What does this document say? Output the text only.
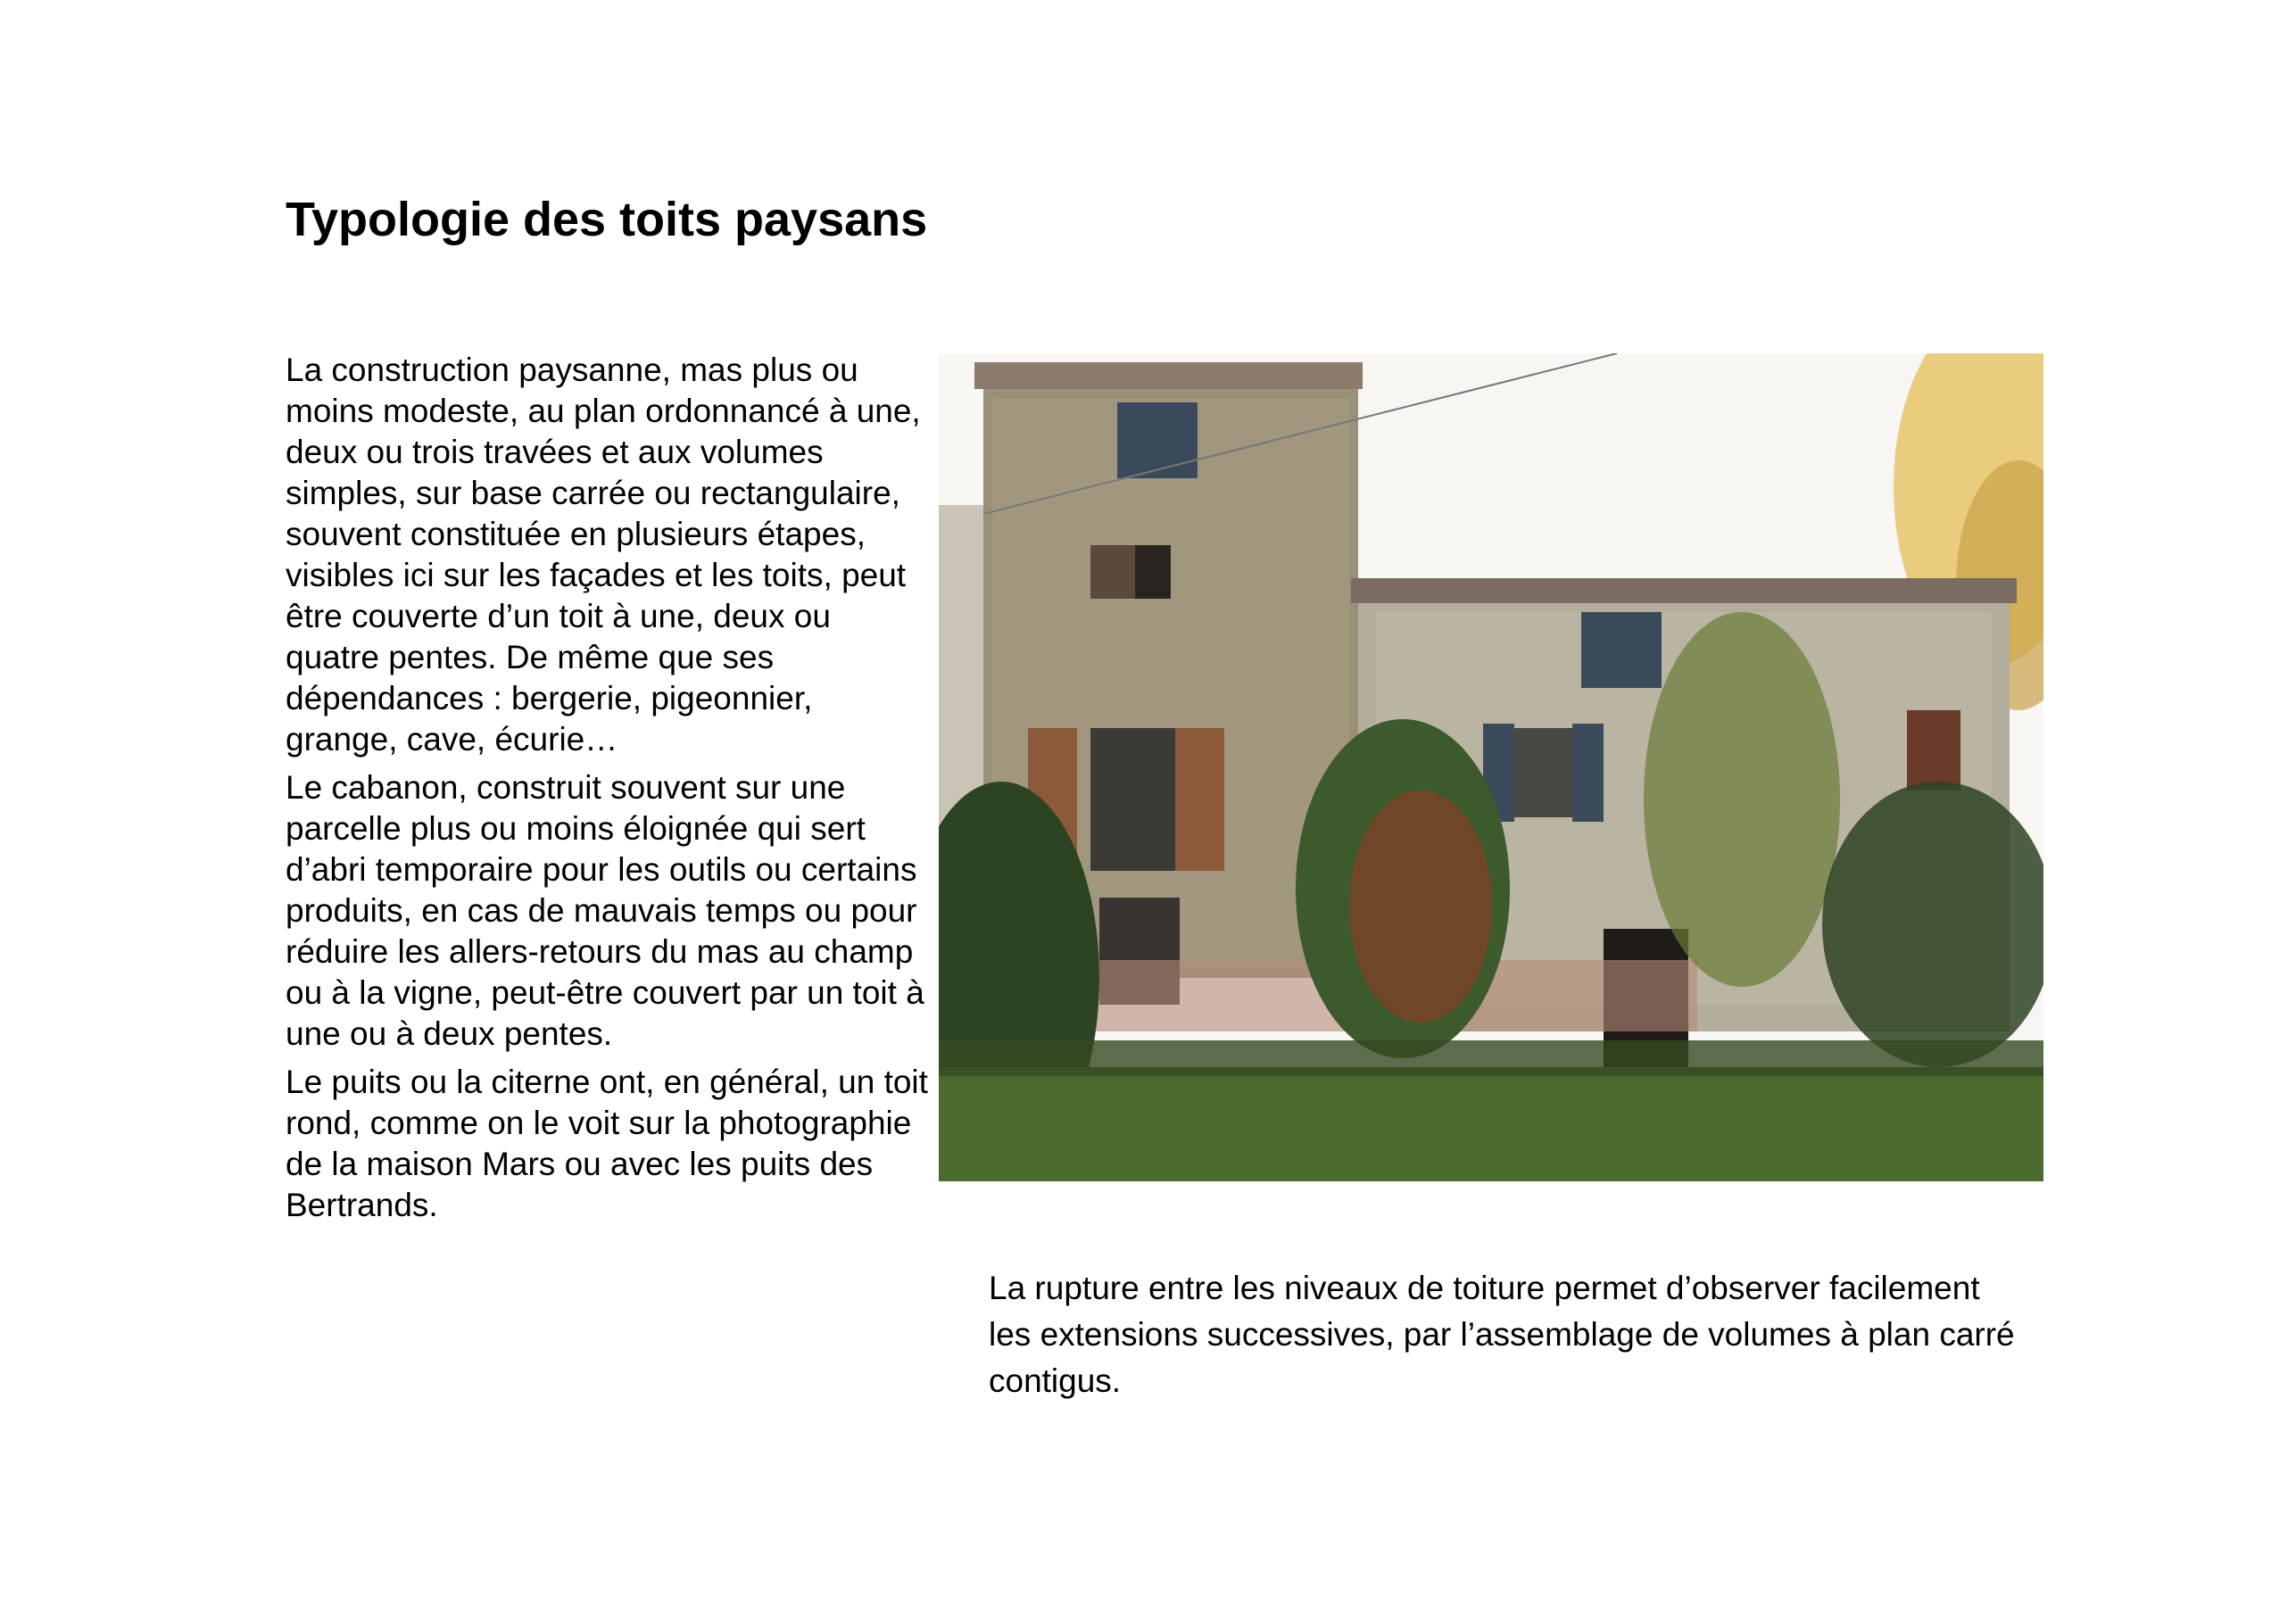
Typologie des toits paysans

La construction paysanne, mas plus ou moins modeste, au plan ordonnancé à une, deux ou trois travées et aux volumes simples, sur base carrée ou rectangulaire, souvent constituée en plusieurs étapes, visibles ici sur les façades et les toits, peut être couverte d’un toit à une, deux ou quatre pentes. De même que ses dépendances : bergerie, pigeonnier, grange, cave, écurie…

Le cabanon, construit souvent sur une parcelle plus ou moins éloignée qui sert d’abri temporaire pour les outils ou certains produits, en cas de mauvais temps ou pour réduire les allers-retours du mas au champ ou à la vigne, peut-être couvert par un toit à une ou à deux pentes.

Le puits ou la citerne ont, en général, un toit rond, comme on le voit sur la photographie de la maison Mars ou avec les puits des Bertrands.

La rupture entre les niveaux de toiture permet d’observer facilement les extensions successives, par l’assemblage de volumes à plan carré contigus.
